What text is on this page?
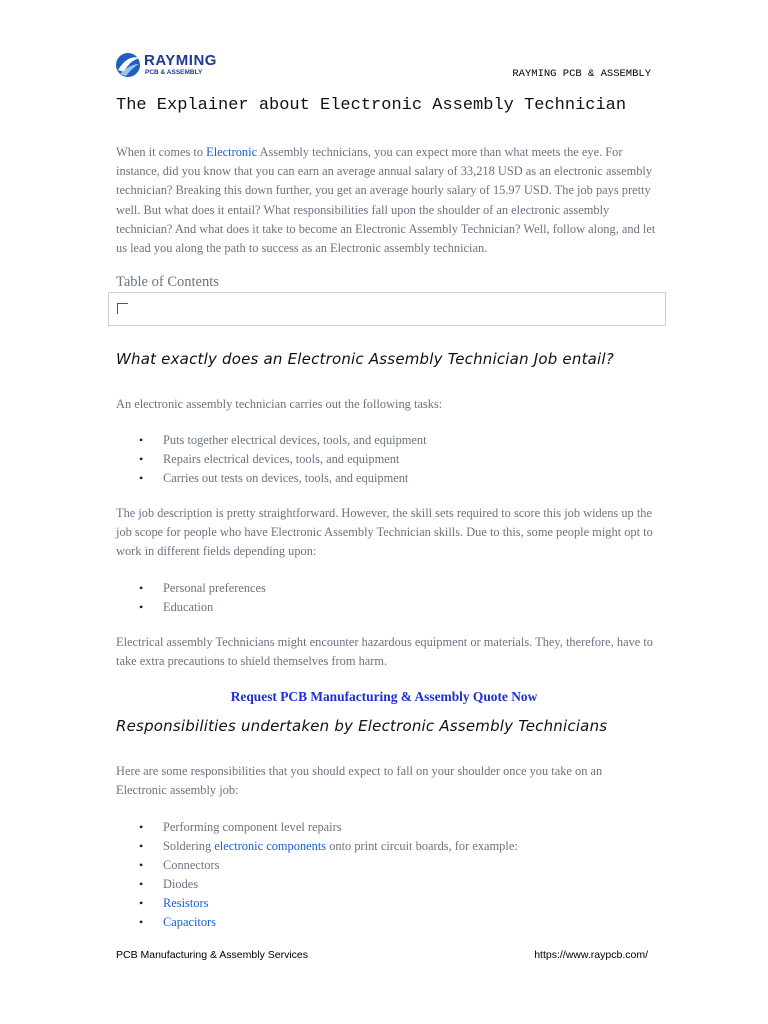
RAYMING
PCB & ASSEMBLY	RAYMING PCB & ASSEMBLY
The Explainer about Electronic Assembly Technician

When it comes to Electronic Assembly technicians, you can expect more than what meets the eye. For instance, did you know that you can earn an average annual salary of 33,218 USD as an electronic assembly technician? Breaking this down further, you get an average hourly salary of 15.97 USD. The job pays pretty well. But what does it entail? What responsibilities fall upon the shoulder of an electronic assembly technician? And what does it take to become an Electronic Assembly Technician? Well, follow along, and let us lead you along the path to success as an Electronic assembly technician.

Table of Contents
What exactly does an Electronic Assembly Technician Job entail?

An electronic assembly technician carries out the following tasks:

• Puts together electrical devices, tools, and equipment
• Repairs electrical devices, tools, and equipment
• Carries out tests on devices, tools, and equipment

The job description is pretty straightforward. However, the skill sets required to score this job widens up the job scope for people who have Electronic Assembly Technician skills. Due to this, some people might opt to work in different fields depending upon:

• Personal preferences
• Education

Electrical assembly Technicians might encounter hazardous equipment or materials. They, therefore, have to take extra precautions to shield themselves from harm.

Request PCB Manufacturing & Assembly Quote Now
Responsibilities undertaken by Electronic Assembly Technicians

Here are some responsibilities that you should expect to fall on your shoulder once you take on an Electronic assembly job:

• Performing component level repairs
• Soldering electronic components onto print circuit boards, for example:
• Connectors
• Diodes
• Resistors
• Capacitors
PCB Manufacturing & Assembly Services	https://www.raypcb.com/
